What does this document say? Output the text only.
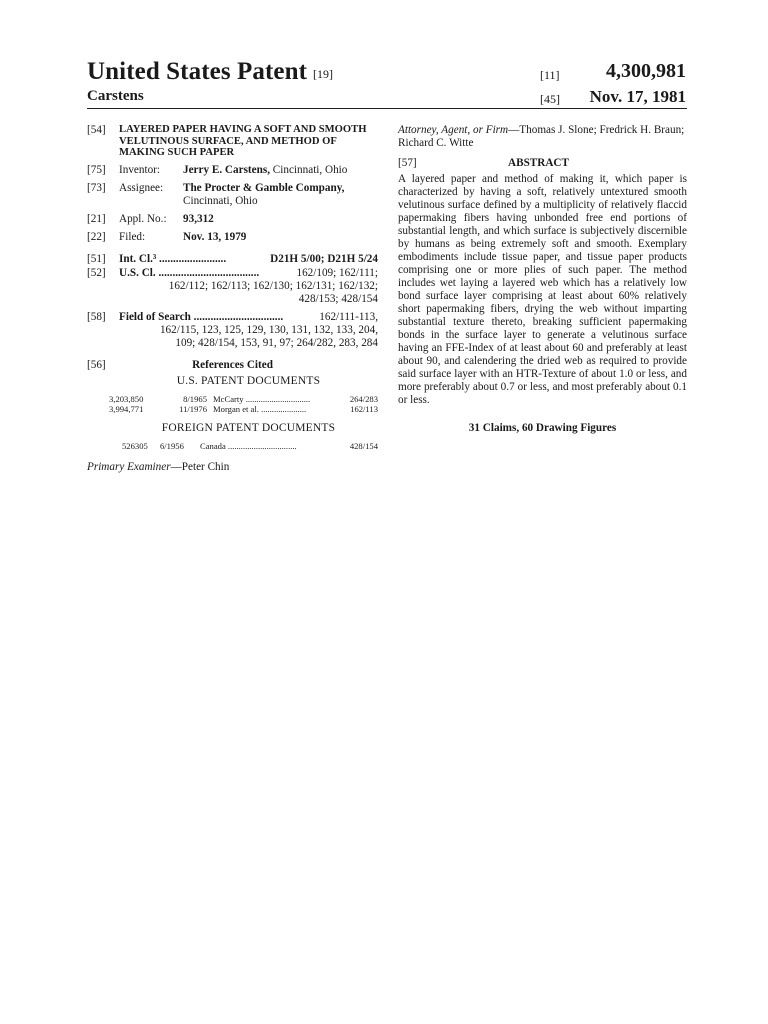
United States Patent [19]
Carstens
[11] 4,300,981
[45] Nov. 17, 1981
[54]	LAYERED PAPER HAVING A SOFT AND SMOOTH VELUTINOUS SURFACE, AND METHOD OF MAKING SUCH PAPER
[75]	Inventor: Jerry E. Carstens, Cincinnati, Ohio
[73]	Assignee: The Procter & Gamble Company,
Cincinnati, Ohio
[21]	Appl. No.: 93,312
[22]	Filed:	Nov. 13, 1979
[51]	Int. Cl.³ ........................	D21H 5/00; D21H 5/24
[52]	U.S. Cl. ....................................	162/109; 162/111;
162/112; 162/113; 162/130; 162/131; 162/132;
428/153; 428/154
[58]	Field of Search ................................	162/111-113,
162/115, 123, 125, 129, 130, 131, 132, 133, 204,
109; 428/154, 153, 91, 97; 264/282, 283, 284
[56]	References Cited
U.S. PATENT DOCUMENTS
3,203,850	8/1965 McCarty ..............................	264/283
3,994,771	11/1976 Morgan et al. .....................	162/113
FOREIGN PATENT DOCUMENTS
526305	6/1956	Canada ................................	428/154
Primary Examiner—Peter Chin
Attorney, Agent, or Firm—Thomas J. Slone; Fredrick H. Braun; Richard C. Witte
[57]	ABSTRACT
A layered paper and method of making it, which paper is characterized by having a soft, relatively untextured smooth velutinous surface defined by a multiplicity of relatively flaccid papermaking fibers having unbonded free end portions of substantial length, and which surface is subjectively discernible by humans as being extremely soft and smooth. Exemplary embodiments include tissue paper, and tissue paper products comprising one or more plies of such paper. The method includes wet laying a layered web which has a relatively low bond surface layer comprising at least about 60% relatively short papermaking fibers, drying the web without imparting substantial texture thereto, breaking sufficient papermaking bonds in the surface layer to generate a velutinous surface having an FFE-Index of at least about 60 and preferably at least about 90, and calendering the dried web as required to provide said surface layer with an HTR-Texture of about 1.0 or less, and more preferably about 0.7 or less, and most preferably about 0.1 or less.
31 Claims, 60 Drawing Figures
